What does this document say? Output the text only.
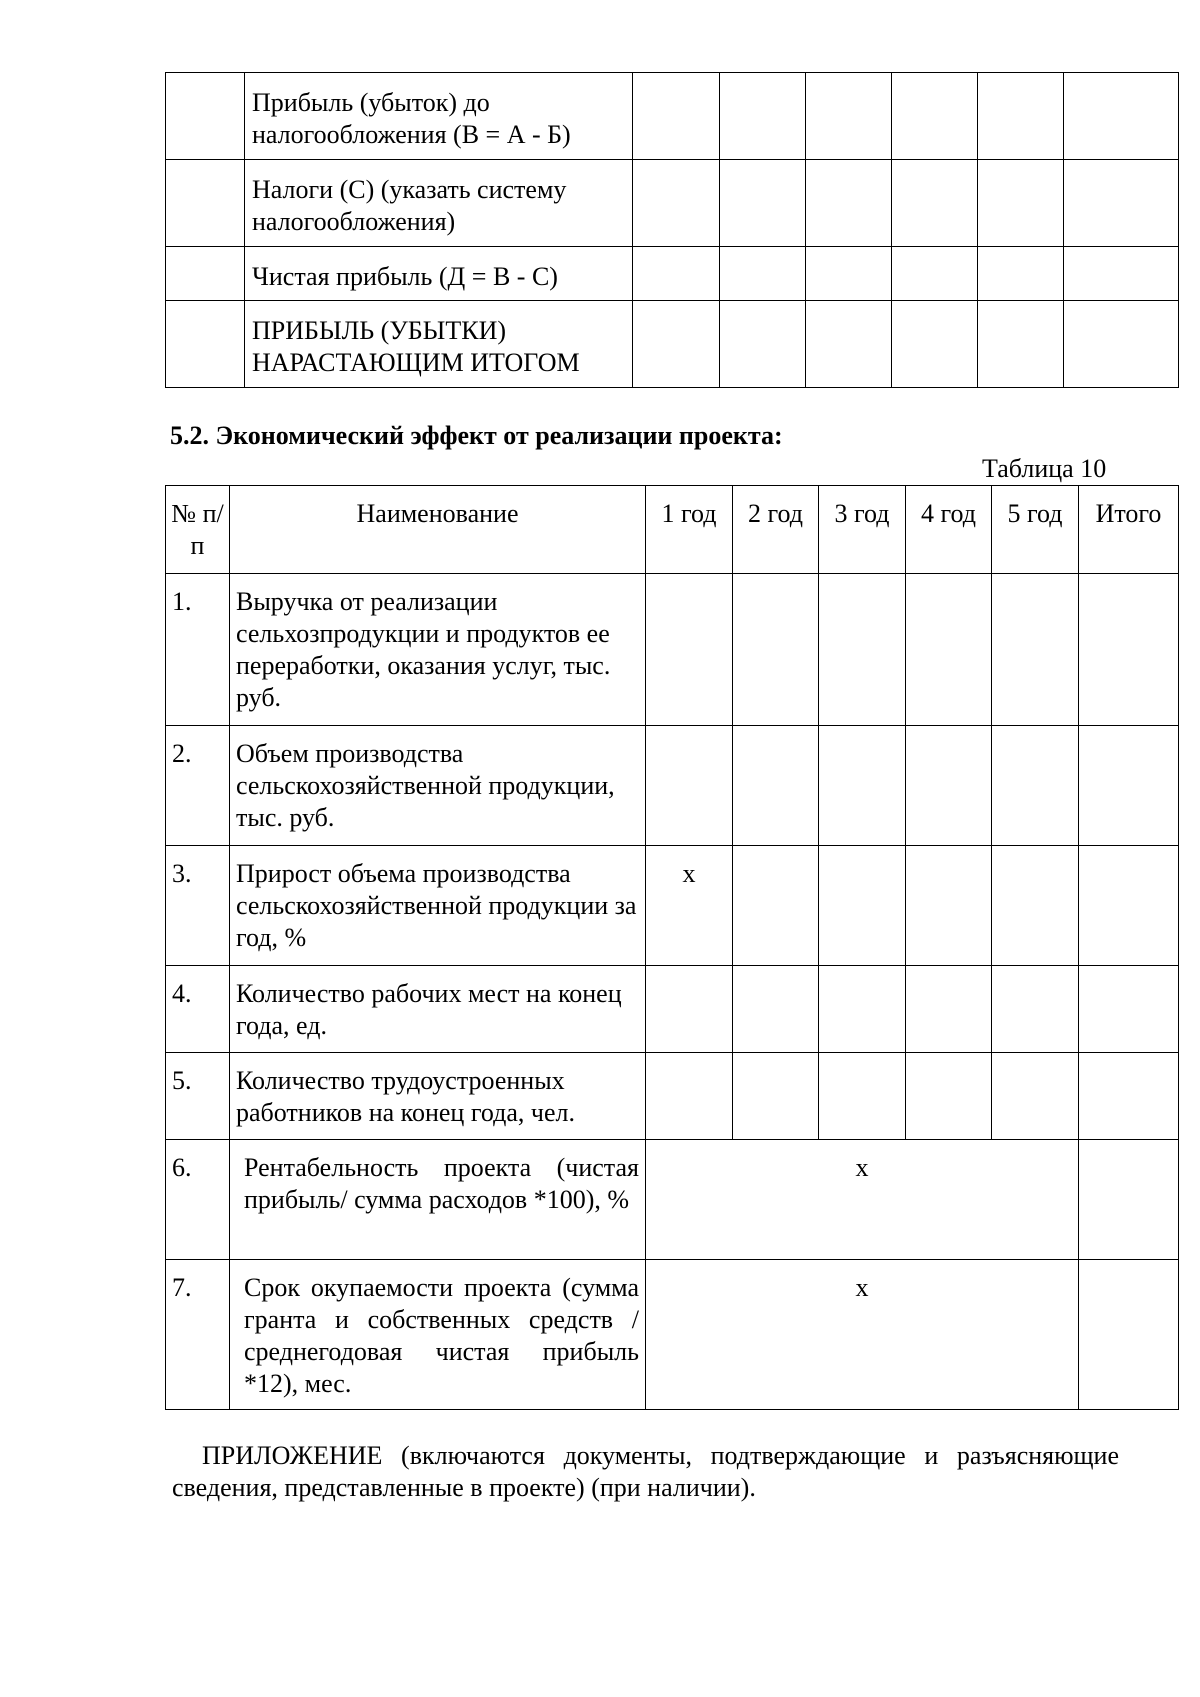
	Прибыль (убыток) до налогообложения (В = А - Б)						
	Налоги (С) (указать систему налогообложения)						
	Чистая прибыль (Д = В - С)						
	ПРИБЫЛЬ (УБЫТКИ) НАРАСТАЮЩИМ ИТОГОМ						

5.2. Экономический эффект от реализации проекта:

Таблица 10
№ п/п	Наименование	1 год	2 год	3 год	4 год	5 год	Итого
1.	Выручка от реализации сельхозпродукции и продуктов ее переработки, оказания услуг, тыс. руб.						
2.	Объем производства сельскохозяйственной продукции, тыс. руб.						
3.	Прирост объема производства сельскохозяйственной продукции за год, %	х					
4.	Количество рабочих мест на конец года, ед.						
5.	Количество трудоустроенных работников на конец года, чел.						
6.	Рентабельность проекта (чистая прибыль/ сумма расходов *100), %	х					
7.	Срок окупаемости проекта (сумма гранта и собственных средств / среднегодовая чистая прибыль *12), мес.	х					

ПРИЛОЖЕНИЕ (включаются документы, подтверждающие и разъясняющие сведения, представленные в проекте) (при наличии).
